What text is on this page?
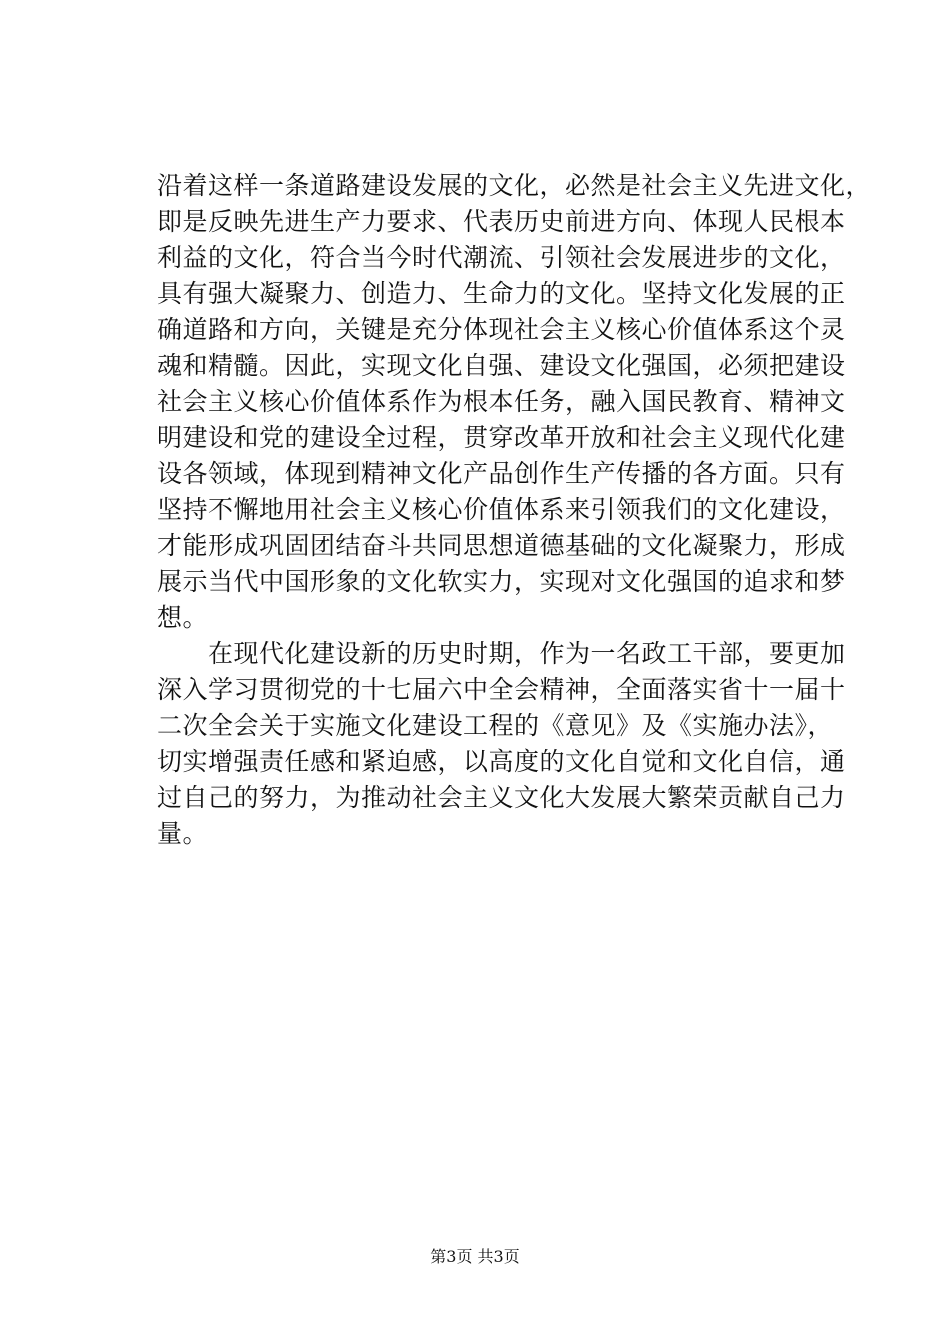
沿着这样一条道路建设发展的文化，必然是社会主义先进文化，
即是反映先进生产力要求、代表历史前进方向、体现人民根本
利益的文化，符合当今时代潮流、引领社会发展进步的文化，
具有强大凝聚力、创造力、生命力的文化。坚持文化发展的正
确道路和方向，关键是充分体现社会主义核心价值体系这个灵
魂和精髓。因此，实现文化自强、建设文化强国，必须把建设
社会主义核心价值体系作为根本任务，融入国民教育、精神文
明建设和党的建设全过程，贯穿改革开放和社会主义现代化建
设各领域，体现到精神文化产品创作生产传播的各方面。只有
坚持不懈地用社会主义核心价值体系来引领我们的文化建设，
才能形成巩固团结奋斗共同思想道德基础的文化凝聚力，形成
展示当代中国形象的文化软实力，实现对文化强国的追求和梦
想。
　　在现代化建设新的历史时期，作为一名政工干部，要更加
深入学习贯彻党的十七届六中全会精神，全面落实省十一届十
二次全会关于实施文化建设工程的《意见》及《实施办法》，
切实增强责任感和紧迫感，以高度的文化自觉和文化自信，通
过自己的努力，为推动社会主义文化大发展大繁荣贡献自己力
量。
第3页 共3页
